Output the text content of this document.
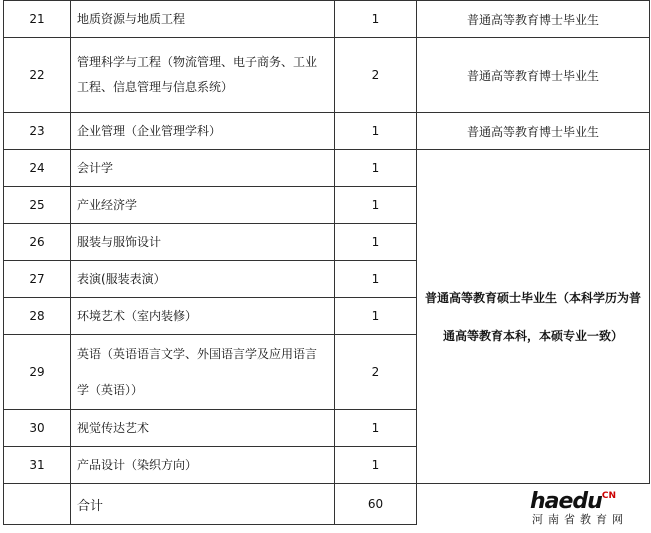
21	地质资源与地质工程	1	普通高等教育博士毕业生
22	管理科学与工程（物流管理、电子商务、工业工程、信息管理与信息系统）	2	普通高等教育博士毕业生
23	企业管理（企业管理学科）	1	普通高等教育博士毕业生
24	会计学	1	普通高等教育硕士毕业生（本科学历为普通高等教育本科，本硕专业一致）

25	产业经济学	1	
26	服装与服饰设计	1	
27	表演(服装表演）	1	
28	环境艺术（室内装修）	1	
29	英语（英语语言文学、外国语言学及应用语言学（英语））	2	
30	视觉传达艺术	1	
31	产品设计（染织方向）	1	
	合计	60		haedu$^{CN}$
河南省教育网
